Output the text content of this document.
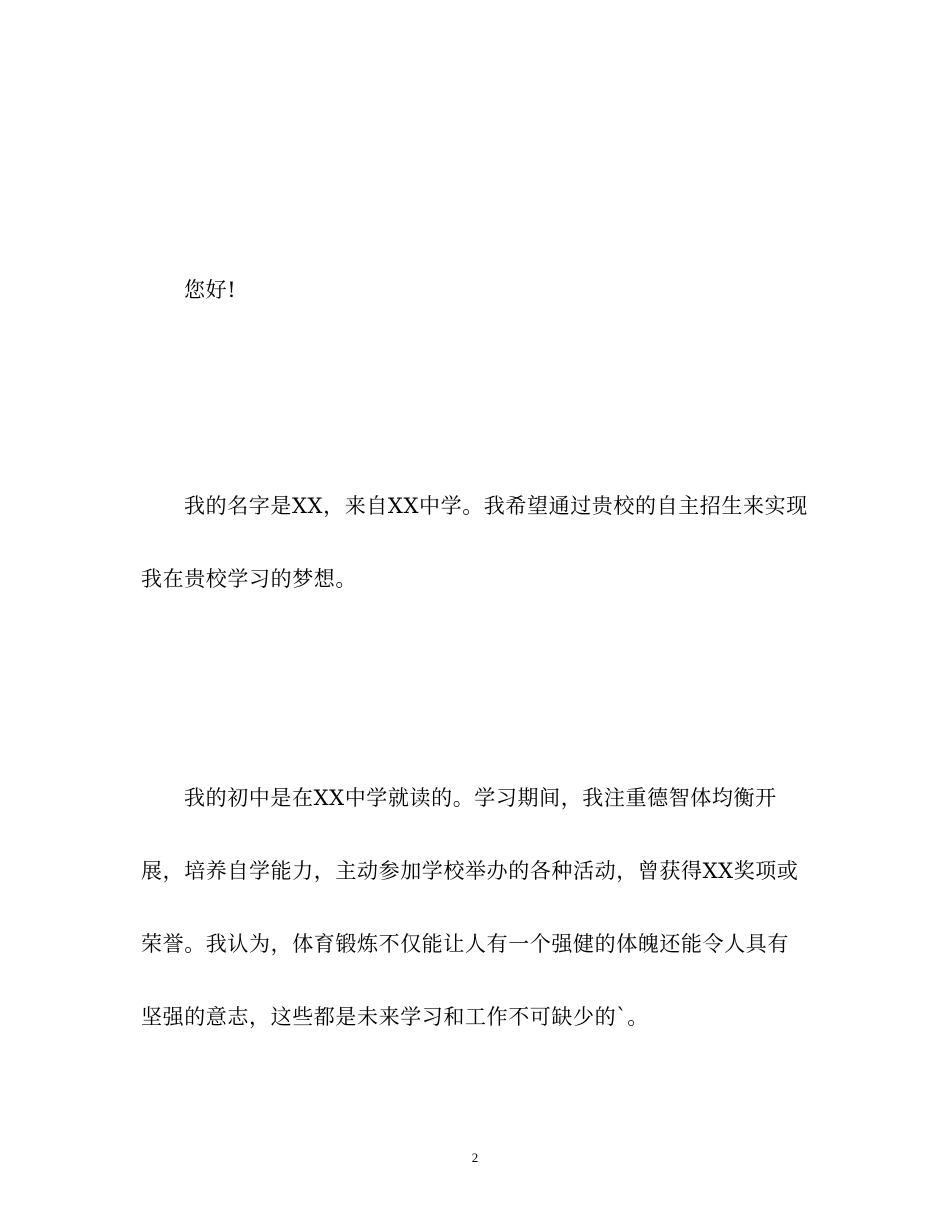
您好!
我的名字是XX，来自XX中学。我希望通过贵校的自主招生来实现
我在贵校学习的梦想。
我的初中是在XX中学就读的。学习期间，我注重德智体均衡开
展，培养自学能力，主动参加学校举办的各种活动，曾获得XX奖项或
荣誉。我认为，体育锻炼不仅能让人有一个强健的体魄还能令人具有
坚强的意志，这些都是未来学习和工作不可缺少的`。
2
